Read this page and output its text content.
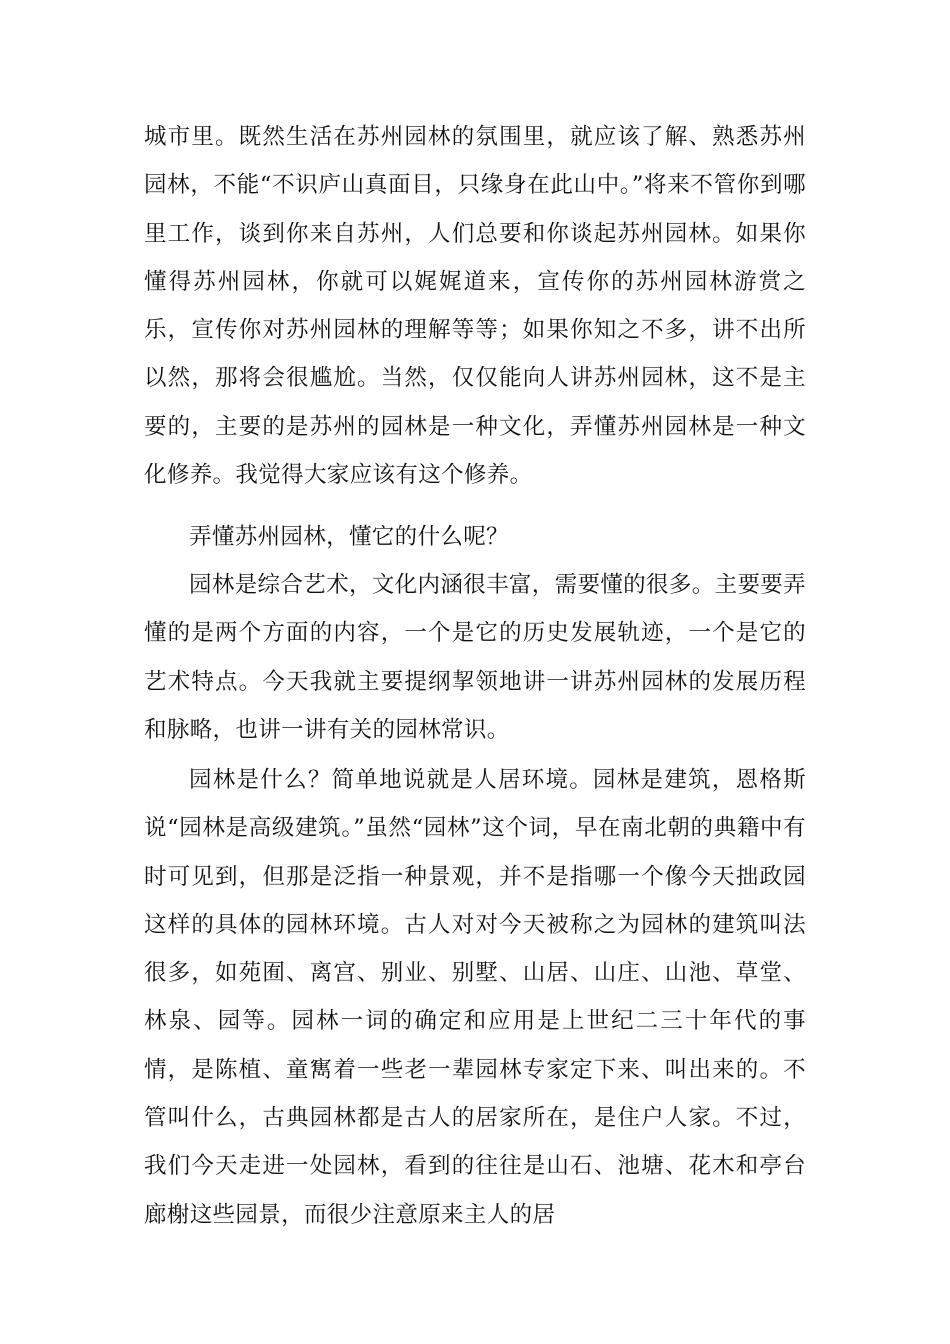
城市里。既然生活在苏州园林的氛围里，就应该了解、熟悉苏州园林，不能“不识庐山真面目，只缘身在此山中。”将来不管你到哪里工作，谈到你来自苏州，人们总要和你谈起苏州园林。如果你懂得苏州园林，你就可以娓娓道来，宣传你的苏州园林游赏之乐，宣传你对苏州园林的理解等等；如果你知之不多，讲不出所以然，那将会很尴尬。当然，仅仅能向人讲苏州园林，这不是主要的，主要的是苏州的园林是一种文化，弄懂苏州园林是一种文化修养。我觉得大家应该有这个修养。

弄懂苏州园林，懂它的什么呢？

园林是综合艺术，文化内涵很丰富，需要懂的很多。主要要弄懂的是两个方面的内容，一个是它的历史发展轨迹，一个是它的艺术特点。今天我就主要提纲挈领地讲一讲苏州园林的发展历程和脉略，也讲一讲有关的园林常识。

园林是什么？简单地说就是人居环境。园林是建筑，恩格斯说“园林是高级建筑。”虽然“园林”这个词，早在南北朝的典籍中有时可见到，但那是泛指一种景观，并不是指哪一个像今天拙政园这样的具体的园林环境。古人对对今天被称之为园林的建筑叫法很多，如苑囿、离宫、别业、别墅、山居、山庄、山池、草堂、林泉、园等。园林一词的确定和应用是上世纪二三十年代的事情，是陈植、童寯着一些老一辈园林专家定下来、叫出来的。不管叫什么，古典园林都是古人的居家所在，是住户人家。不过，我们今天走进一处园林，看到的往往是山石、池塘、花木和亭台廊榭这些园景，而很少注意原来主人的居
